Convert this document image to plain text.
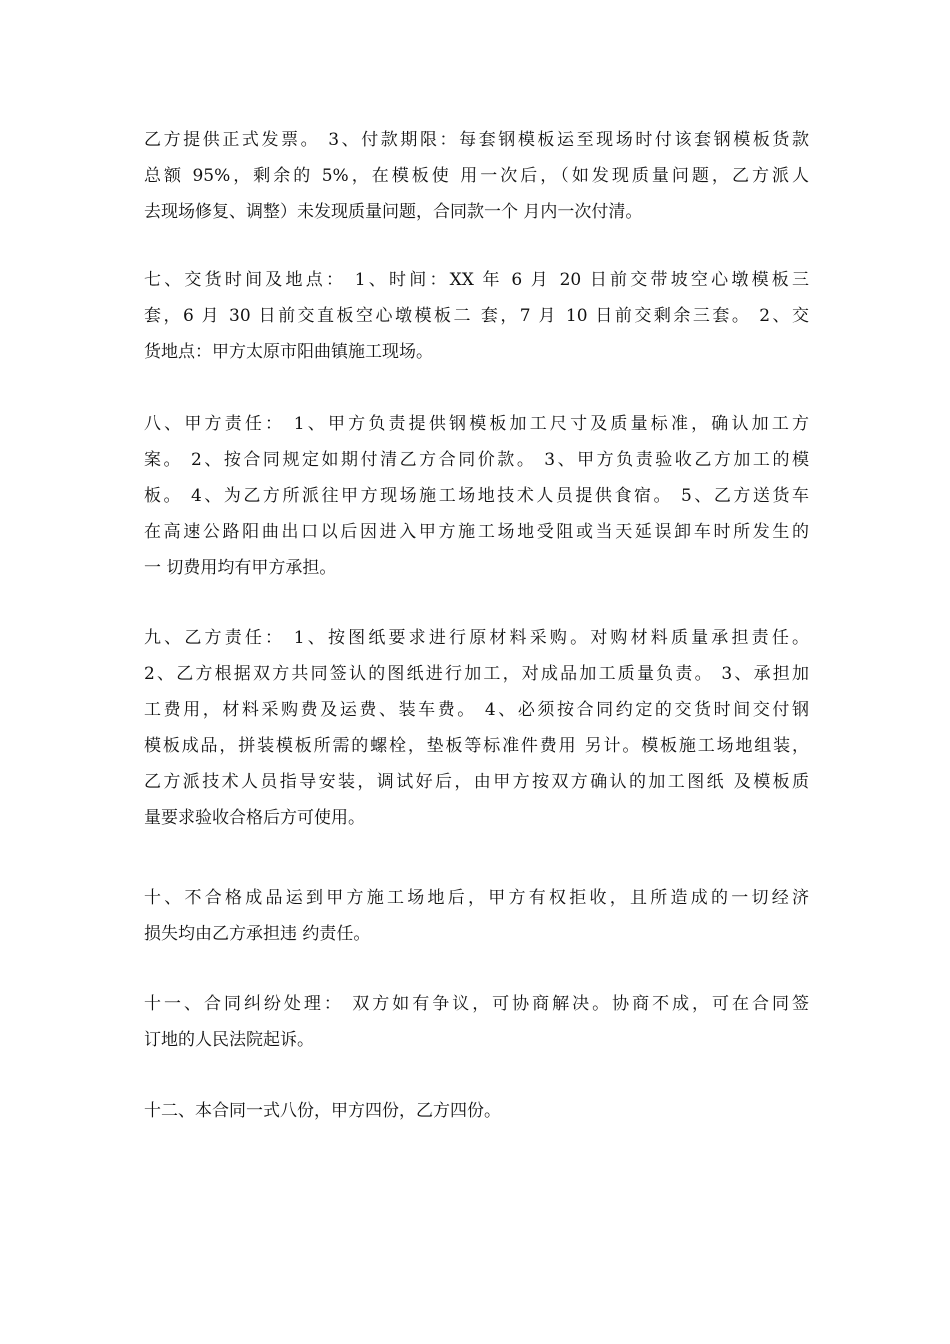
乙方提供正式发票。 3、付款期限：每套钢模板运至现场时付该套钢模板货款
总额 95%，剩余的 5%，在模板使 用一次后，（如发现质量问题，乙方派人
去现场修复、调整）未发现质量问题，合同款一个 月内一次付清。
七、交货时间及地点： 1、时间：XX 年 6 月 20 日前交带坡空心墩模板三
套，6 月 30 日前交直板空心墩模板二 套，7 月 10 日前交剩余三套。 2、交
货地点：甲方太原市阳曲镇施工现场。
八、甲方责任： 1、甲方负责提供钢模板加工尺寸及质量标准，确认加工方
案。 2、按合同规定如期付清乙方合同价款。 3、甲方负责验收乙方加工的模
板。 4、为乙方所派往甲方现场施工场地技术人员提供食宿。 5、乙方送货车
在高速公路阳曲出口以后因进入甲方施工场地受阻或当天延误卸车时所发生的
一 切费用均有甲方承担。
九、乙方责任： 1、按图纸要求进行原材料采购。对购材料质量承担责任。
2、乙方根据双方共同签认的图纸进行加工，对成品加工质量负责。 3、承担加
工费用，材料采购费及运费、装车费。 4、必须按合同约定的交货时间交付钢
模板成品，拼装模板所需的螺栓，垫板等标准件费用 另计。模板施工场地组装，
乙方派技术人员指导安装，调试好后，由甲方按双方确认的加工图纸 及模板质
量要求验收合格后方可使用。
十、不合格成品运到甲方施工场地后，甲方有权拒收，且所造成的一切经济
损失均由乙方承担违 约责任。
十一、合同纠纷处理： 双方如有争议，可协商解决。协商不成，可在合同签
订地的人民法院起诉。
十二、本合同一式八份，甲方四份，乙方四份。
